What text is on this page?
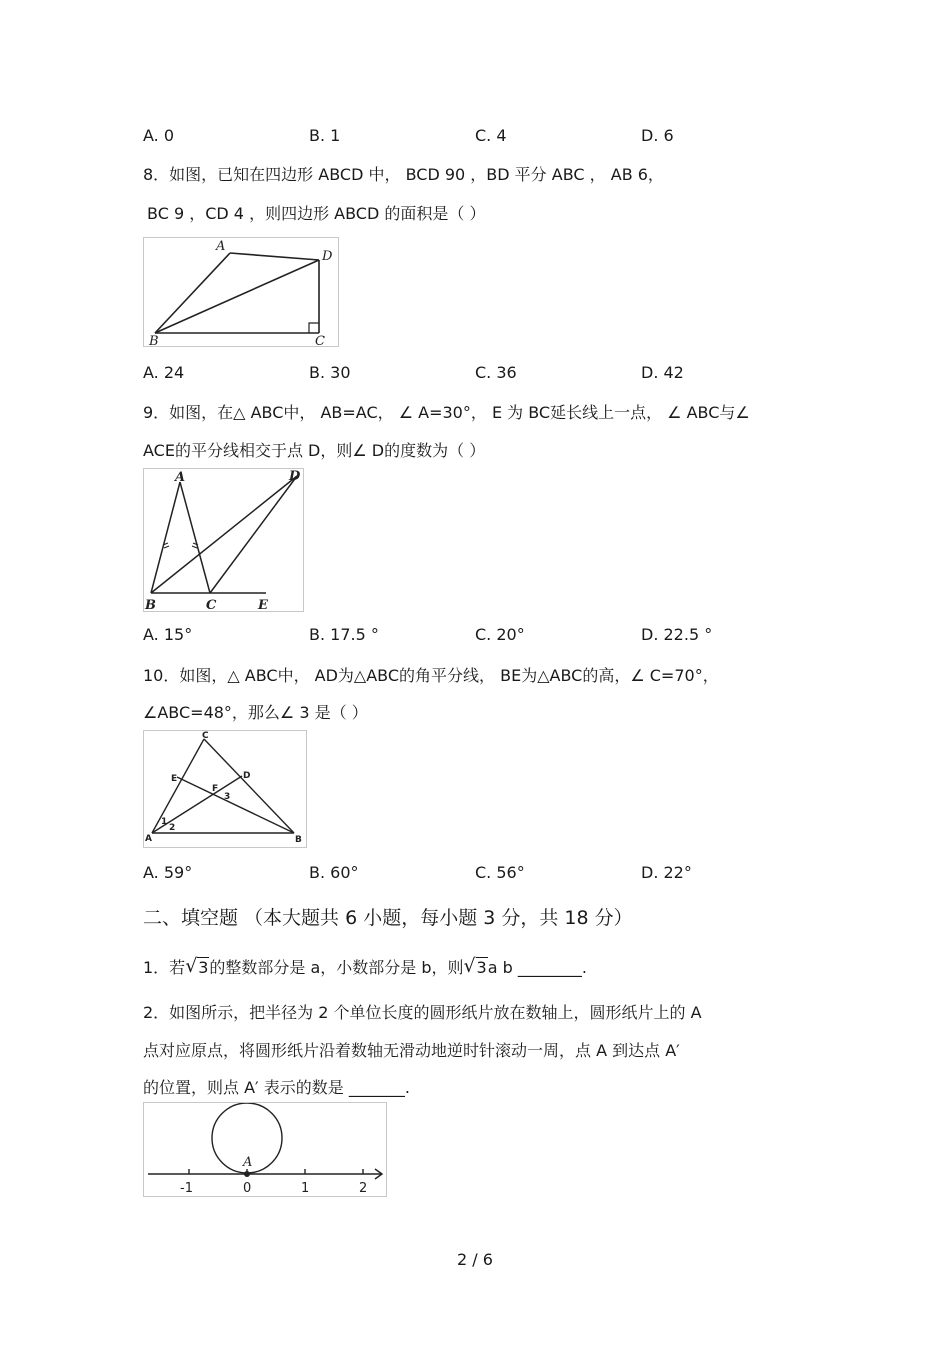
A. 0	B. 1	C. 4	D. 6
8．如图，已知在四边形 ABCD 中， BCD 90 ，BD 平分 ABC ， AB 6，
BC 9 ，CD 4 ，则四边形 ABCD 的面积是（ ）
A
B	C
D
A. 24	B. 30	C. 36	D. 42
9．如图，在△ ABC中， AB=AC， ∠ A=30°， E 为 BC延长线上一点， ∠ ABC与∠
ACE的平分线相交于点 D，则∠ D的度数为（ ）
A
B	C
D
E
A. 15°	B. 17.5 °	C. 20°	D. 22.5 °
10．如图，△ ABC中， AD为△ABC的角平分线， BE为△ABC的高，∠ C=70°，
∠ABC=48°，那么∠ 3 是（ ）
C
E	D
F
A	B
1
2
3
A. 59°	B. 60°	C. 56°	D. 22°
二、填空题 （本大题共 6 小题，每小题 3 分，共 18 分）
1．若 √ 3的整数部分是 a，小数部分是 b，则 √ 3a b ________.
2．如图所示，把半径为 2 个单位长度的圆形纸片放在数轴上，圆形纸片上的 A
点对应原点，将圆形纸片沿着数轴无滑动地逆时针滚动一周，点 A 到达点 A′
的位置，则点 A′ 表示的数是 _______.
A
-1	0	1	2
2 / 6
